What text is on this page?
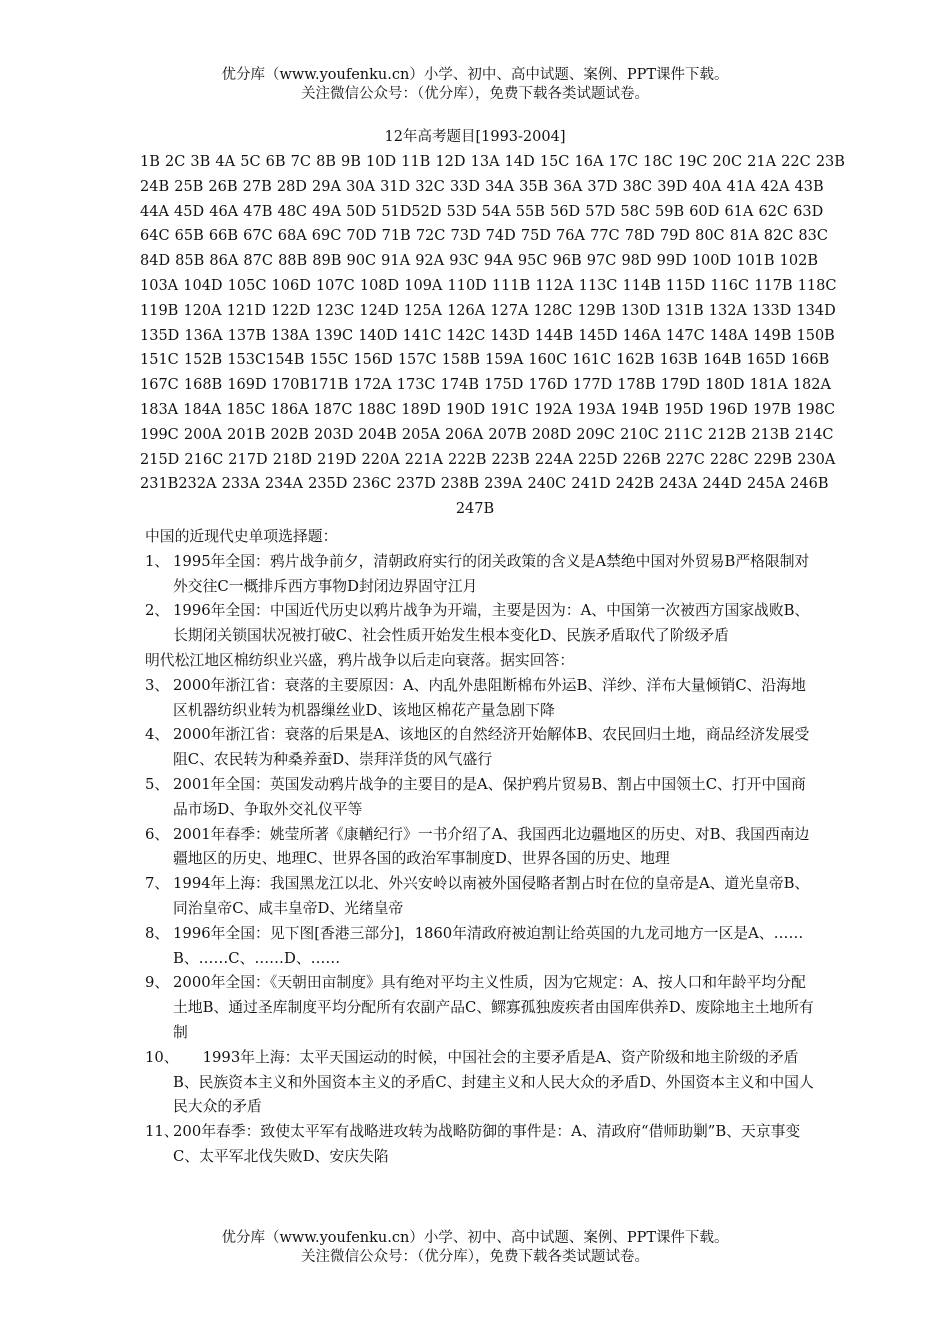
优分库（www.youfenku.cn）小学、初中、高中试题、案例、PPT课件下载。
关注微信公众号：（优分库），免费下载各类试题试卷。
12年高考题目[1993-2004]
1B 2C 3B 4A 5C 6B 7C 8B 9B 10D 11B 12D 13A 14D 15C 16A 17C 18C 19C 20C 21A 22C 23B
24B 25B 26B 27B 28D 29A 30A 31D 32C 33D 34A 35B 36A 37D 38C 39D 40A 41A 42A 43B
44A 45D 46A 47B 48C 49A 50D 51D52D 53D 54A 55B 56D 57D 58C 59B 60D 61A 62C 63D
64C 65B 66B 67C 68A 69C 70D 71B 72C 73D 74D 75D 76A 77C 78D 79D 80C 81A 82C 83C
84D 85B 86A 87C 88B 89B 90C 91A 92A 93C 94A 95C 96B 97C 98D 99D 100D 101B 102B
103A 104D 105C 106D 107C 108D 109A 110D 111B 112A 113C 114B 115D 116C 117B 118C
119B 120A 121D 122D 123C 124D 125A 126A 127A 128C 129B 130D 131B 132A 133D 134D
135D 136A 137B 138A 139C 140D 141C 142C 143D 144B 145D 146A 147C 148A 149B 150B
151C 152B 153C154B 155C 156D 157C 158B 159A 160C 161C 162B 163B 164B 165D 166B
167C 168B 169D 170B171B 172A 173C 174B 175D 176D 177D 178B 179D 180D 181A 182A
183A 184A 185C 186A 187C 188C 189D 190D 191C 192A 193A 194B 195D 196D 197B 198C
199C 200A 201B 202B 203D 204B 205A 206A 207B 208D 209C 210C 211C 212B 213B 214C
215D 216C 217D 218D 219D 220A 221A 222B 223B 224A 225D 226B 227C 228C 229B 230A
231B232A 233A 234A 235D 236C 237D 238B 239A 240C 241D 242B 243A 244D 245A 246B
247B

中国的近现代史单项选择题：

1、 1995年全国：鸦片战争前夕，清朝政府实行的闭关政策的含义是A禁绝中国对外贸易B严格限制对外交往C一概排斥西方事物D封闭边界固守江月
2、 1996年全国：中国近代历史以鸦片战争为开端，主要是因为：A、中国第一次被西方国家战败B、长期闭关锁国状况被打破C、社会性质开始发生根本变化D、民族矛盾取代了阶级矛盾

明代松江地区棉纺织业兴盛，鸦片战争以后走向衰落。据实回答：

3、 2000年浙江省：衰落的主要原因：A、内乱外患阻断棉布外运B、洋纱、洋布大量倾销C、沿海地区机器纺织业转为机器缫丝业D、该地区棉花产量急剧下降
4、 2000年浙江省：衰落的后果是A、该地区的自然经济开始解体B、农民回归土地，商品经济发展受阻C、农民转为种桑养蚕D、崇拜洋货的风气盛行
5、 2001年全国：英国发动鸦片战争的主要目的是A、保护鸦片贸易B、割占中国领土C、打开中国商品市场D、争取外交礼仪平等
6、 2001年春季：姚莹所著《康輶纪行》一书介绍了A、我国西北边疆地区的历史、对B、我国西南边疆地区的历史、地理C、世界各国的政治军事制度D、世界各国的历史、地理
7、 1994年上海：我国黑龙江以北、外兴安岭以南被外国侵略者割占时在位的皇帝是A、道光皇帝B、同治皇帝C、咸丰皇帝D、光绪皇帝
8、 1996年全国：见下图[香港三部分]，1860年清政府被迫割让给英国的九龙司地方一区是A、……B、……C、……D、……
9、 2000年全国：《天朝田亩制度》具有绝对平均主义性质，因为它规定：A、按人口和年龄平均分配土地B、通过圣库制度平均分配所有农副产品C、鳏寡孤独废疾者由国库供养D、废除地主土地所有制
10、
　　1993年上海：太平天国运动的时候，中国社会的主要矛盾是A、资产阶级和地主阶级的矛盾B、民族资本主义和外国资本主义的矛盾C、封建主义和人民大众的矛盾D、外国资本主义和中国人民大众的矛盾
11、
200年春季：致使太平军有战略进攻转为战略防御的事件是：A、清政府“借师助剿”B、天京事变C、太平军北伐失败D、安庆失陷
优分库（www.youfenku.cn）小学、初中、高中试题、案例、PPT课件下载。
关注微信公众号：（优分库），免费下载各类试题试卷。
